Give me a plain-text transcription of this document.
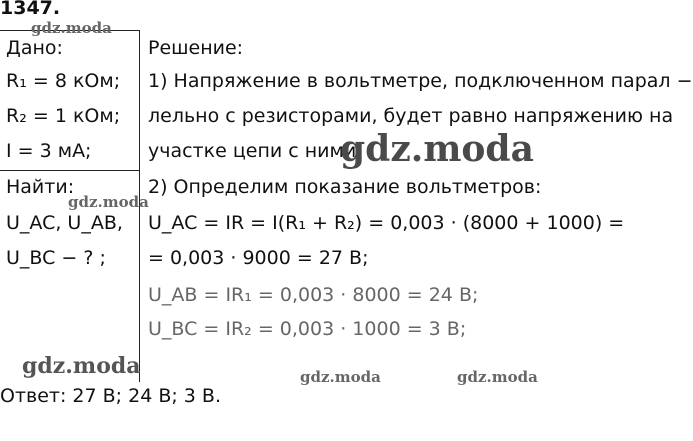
1347.
Дано:
R₁ = 8 кОм;
R₂ = 1 кОм;
I = 3 мА;
Найти:
U_AC, U_AB,
U_BC − ? ;
Решение:
1) Напряжение в вольтметре, подключенном парал −
лельно с резисторами, будет равно напряжению на
участке цепи с ними;
2) Определим показание вольтметров:
U_AC = IR = I(R₁ + R₂) = 0,003 · (8000 + 1000) =
= 0,003 · 9000 = 27 В;
U_AB = IR₁ = 0,003 · 8000 = 24 В;
U_BC = IR₂ = 0,003 · 1000 = 3 В;
Ответ: 27 В; 24 В; 3 В.
gdz.moda
gdz.moda
gdz.moda
gdz.moda	gdz.moda	gdz.moda
